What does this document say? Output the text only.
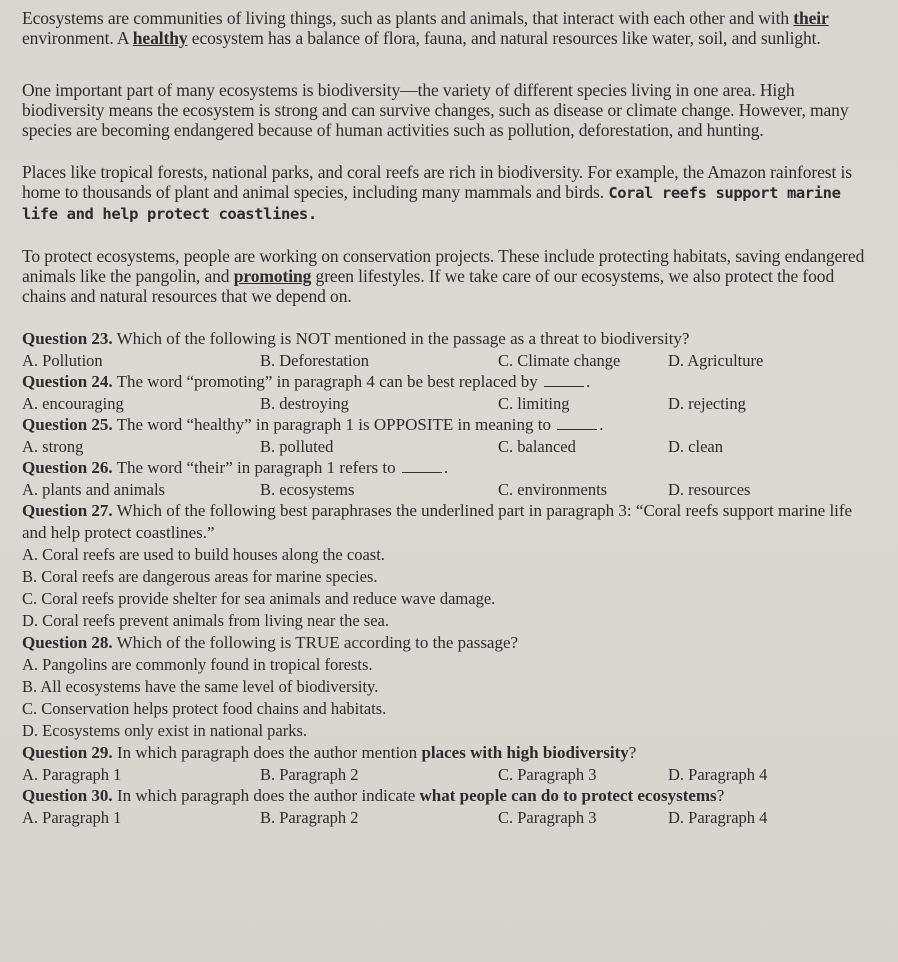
Ecosystems are communities of living things, such as plants and animals, that interact with each other and with their environment. A healthy ecosystem has a balance of flora, fauna, and natural resources like water, soil, and sunlight.

One important part of many ecosystems is biodiversity—the variety of different species living in one area. High biodiversity means the ecosystem is strong and can survive changes, such as disease or climate change. However, many species are becoming endangered because of human activities such as pollution, deforestation, and hunting.

Places like tropical forests, national parks, and coral reefs are rich in biodiversity. For example, the Amazon rainforest is home to thousands of plant and animal species, including many mammals and birds. Coral reefs support marine life and help protect coastlines.

To protect ecosystems, people are working on conservation projects. These include protecting habitats, saving endangered animals like the pangolin, and promoting green lifestyles. If we take care of our ecosystems, we also protect the food chains and natural resources that we depend on.

Question 23. Which of the following is NOT mentioned in the passage as a threat to biodiversity?

A. Pollution	B. Deforestation	C. Climate change	D. Agriculture

Question 24. The word “promoting” in paragraph 4 can be best replaced by	.

A. encouraging	B. destroying	C. limiting	D. rejecting

Question 25. The word “healthy” in paragraph 1 is OPPOSITE in meaning to	.

A. strong	B. polluted	C. balanced	D. clean

Question 26. The word “their” in paragraph 1 refers to	.

A. plants and animals	B. ecosystems	C. environments	D. resources

Question 27. Which of the following best paraphrases the underlined part in paragraph 3: “Coral reefs support marine life and help protect coastlines.”

A. Coral reefs are used to build houses along the coast.

B. Coral reefs are dangerous areas for marine species.

C. Coral reefs provide shelter for sea animals and reduce wave damage.

D. Coral reefs prevent animals from living near the sea.

Question 28. Which of the following is TRUE according to the passage?

A. Pangolins are commonly found in tropical forests.

B. All ecosystems have the same level of biodiversity.

C. Conservation helps protect food chains and habitats.

D. Ecosystems only exist in national parks.

Question 29. In which paragraph does the author mention places with high biodiversity?

A. Paragraph 1	B. Paragraph 2	C. Paragraph 3	D. Paragraph 4

Question 30. In which paragraph does the author indicate what people can do to protect ecosystems?

A. Paragraph 1	B. Paragraph 2	C. Paragraph 3	D. Paragraph 4
